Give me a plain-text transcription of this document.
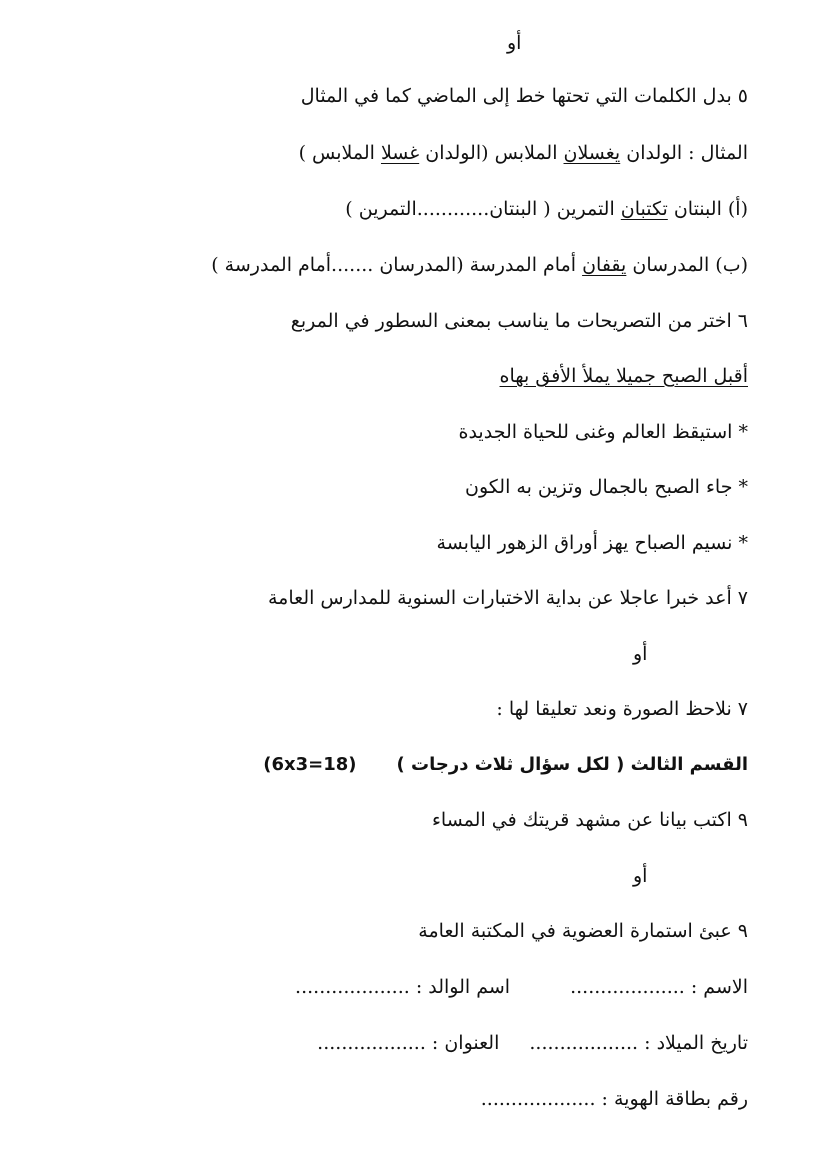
أو
٥ بدل الكلمات التي تحتها خط إلى الماضي كما في المثال
المثال : الولدان يغسلان الملابس (الولدان غسلا الملابس )
(أ) البنتان تكتبان التمرين ( البنتان............التمرين )
(ب) المدرسان يقفان أمام المدرسة (المدرسان .......أمام المدرسة )
٦ اختر من التصريحات ما يناسب بمعنى السطور في المربع
أقبل الصبح جميلا يملأ الأفق بهاه
* استيقظ العالم وغنى للحياة الجديدة
* جاء الصبح بالجمال وتزين به الكون
* نسيم الصباح يهز أوراق الزهور اليابسة
٧ أعد خبرا عاجلا عن بداية الاختبارات السنوية للمدارس العامة
أو
٧ نلاحظ الصورة ونعد تعليقا لها :
القسم الثالث ( لكل سؤال ثلاث درجات )(6x3=18)
٩ اكتب بيانا عن مشهد قريتك في المساء
أو
٩ عبئ استمارة العضوية في المكتبة العامة
الاسم : ...................اسم الوالد : ...................
تاريخ الميلاد : ..................العنوان : ..................
رقم بطاقة الهوية : ...................
